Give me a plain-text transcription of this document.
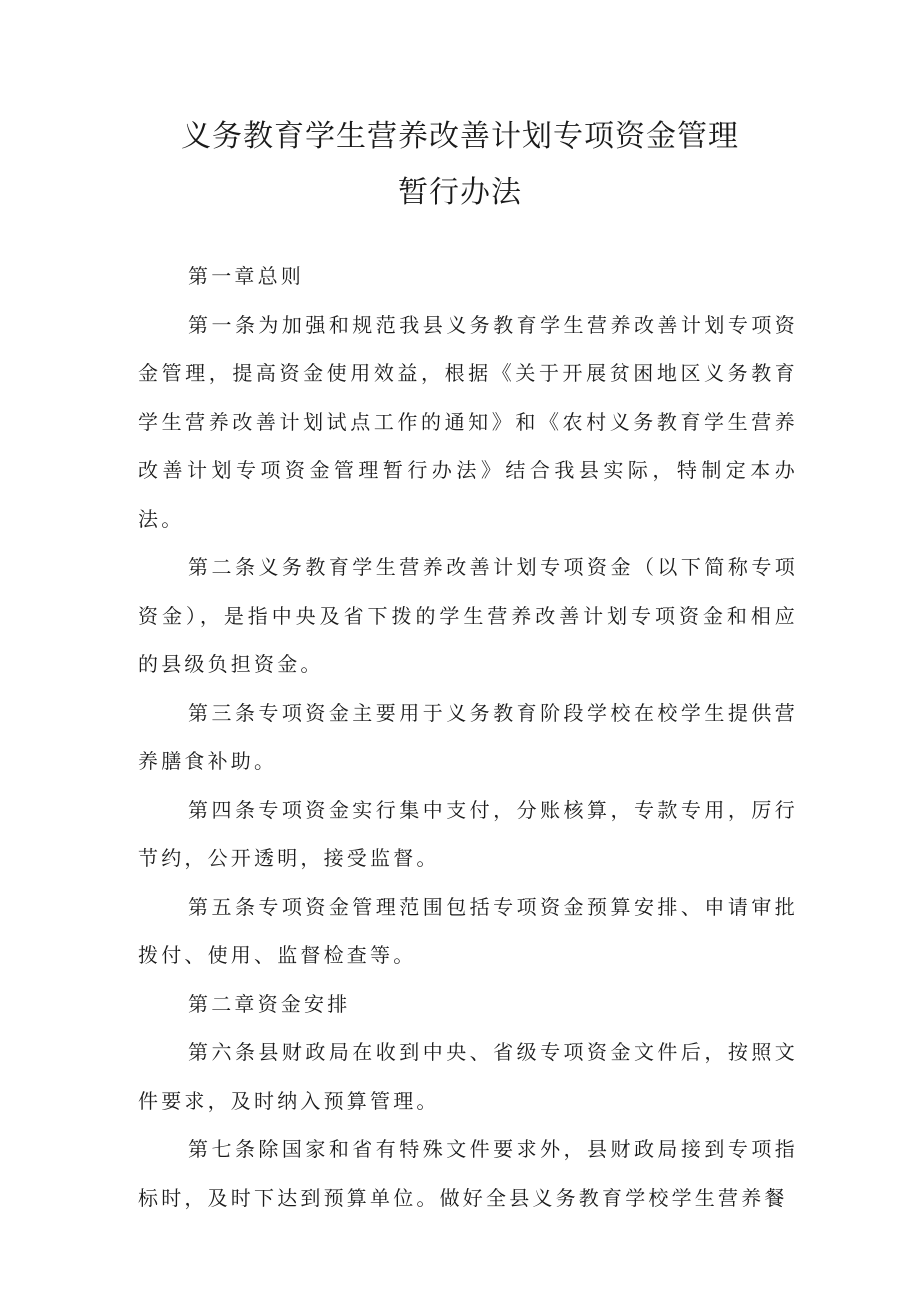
义务教育学生营养改善计划专项资金管理
暂行办法

第一章总则

第一条为加强和规范我县义务教育学生营养改善计划专项资金管理，提高资金使用效益，根据《关于开展贫困地区义务教育学生营养改善计划试点工作的通知》和《农村义务教育学生营养改善计划专项资金管理暂行办法》结合我县实际，特制定本办法。

第二条义务教育学生营养改善计划专项资金（以下简称专项资金），是指中央及省下拨的学生营养改善计划专项资金和相应的县级负担资金。

第三条专项资金主要用于义务教育阶段学校在校学生提供营养膳食补助。

第四条专项资金实行集中支付，分账核算，专款专用，厉行节约，公开透明，接受监督。

第五条专项资金管理范围包括专项资金预算安排、申请审批拨付、使用、监督检查等。

第二章资金安排

第六条县财政局在收到中央、省级专项资金文件后，按照文件要求，及时纳入预算管理。

第七条除国家和省有特殊文件要求外，县财政局接到专项指标时，及时下达到预算单位。做好全县义务教育学校学生营养餐
